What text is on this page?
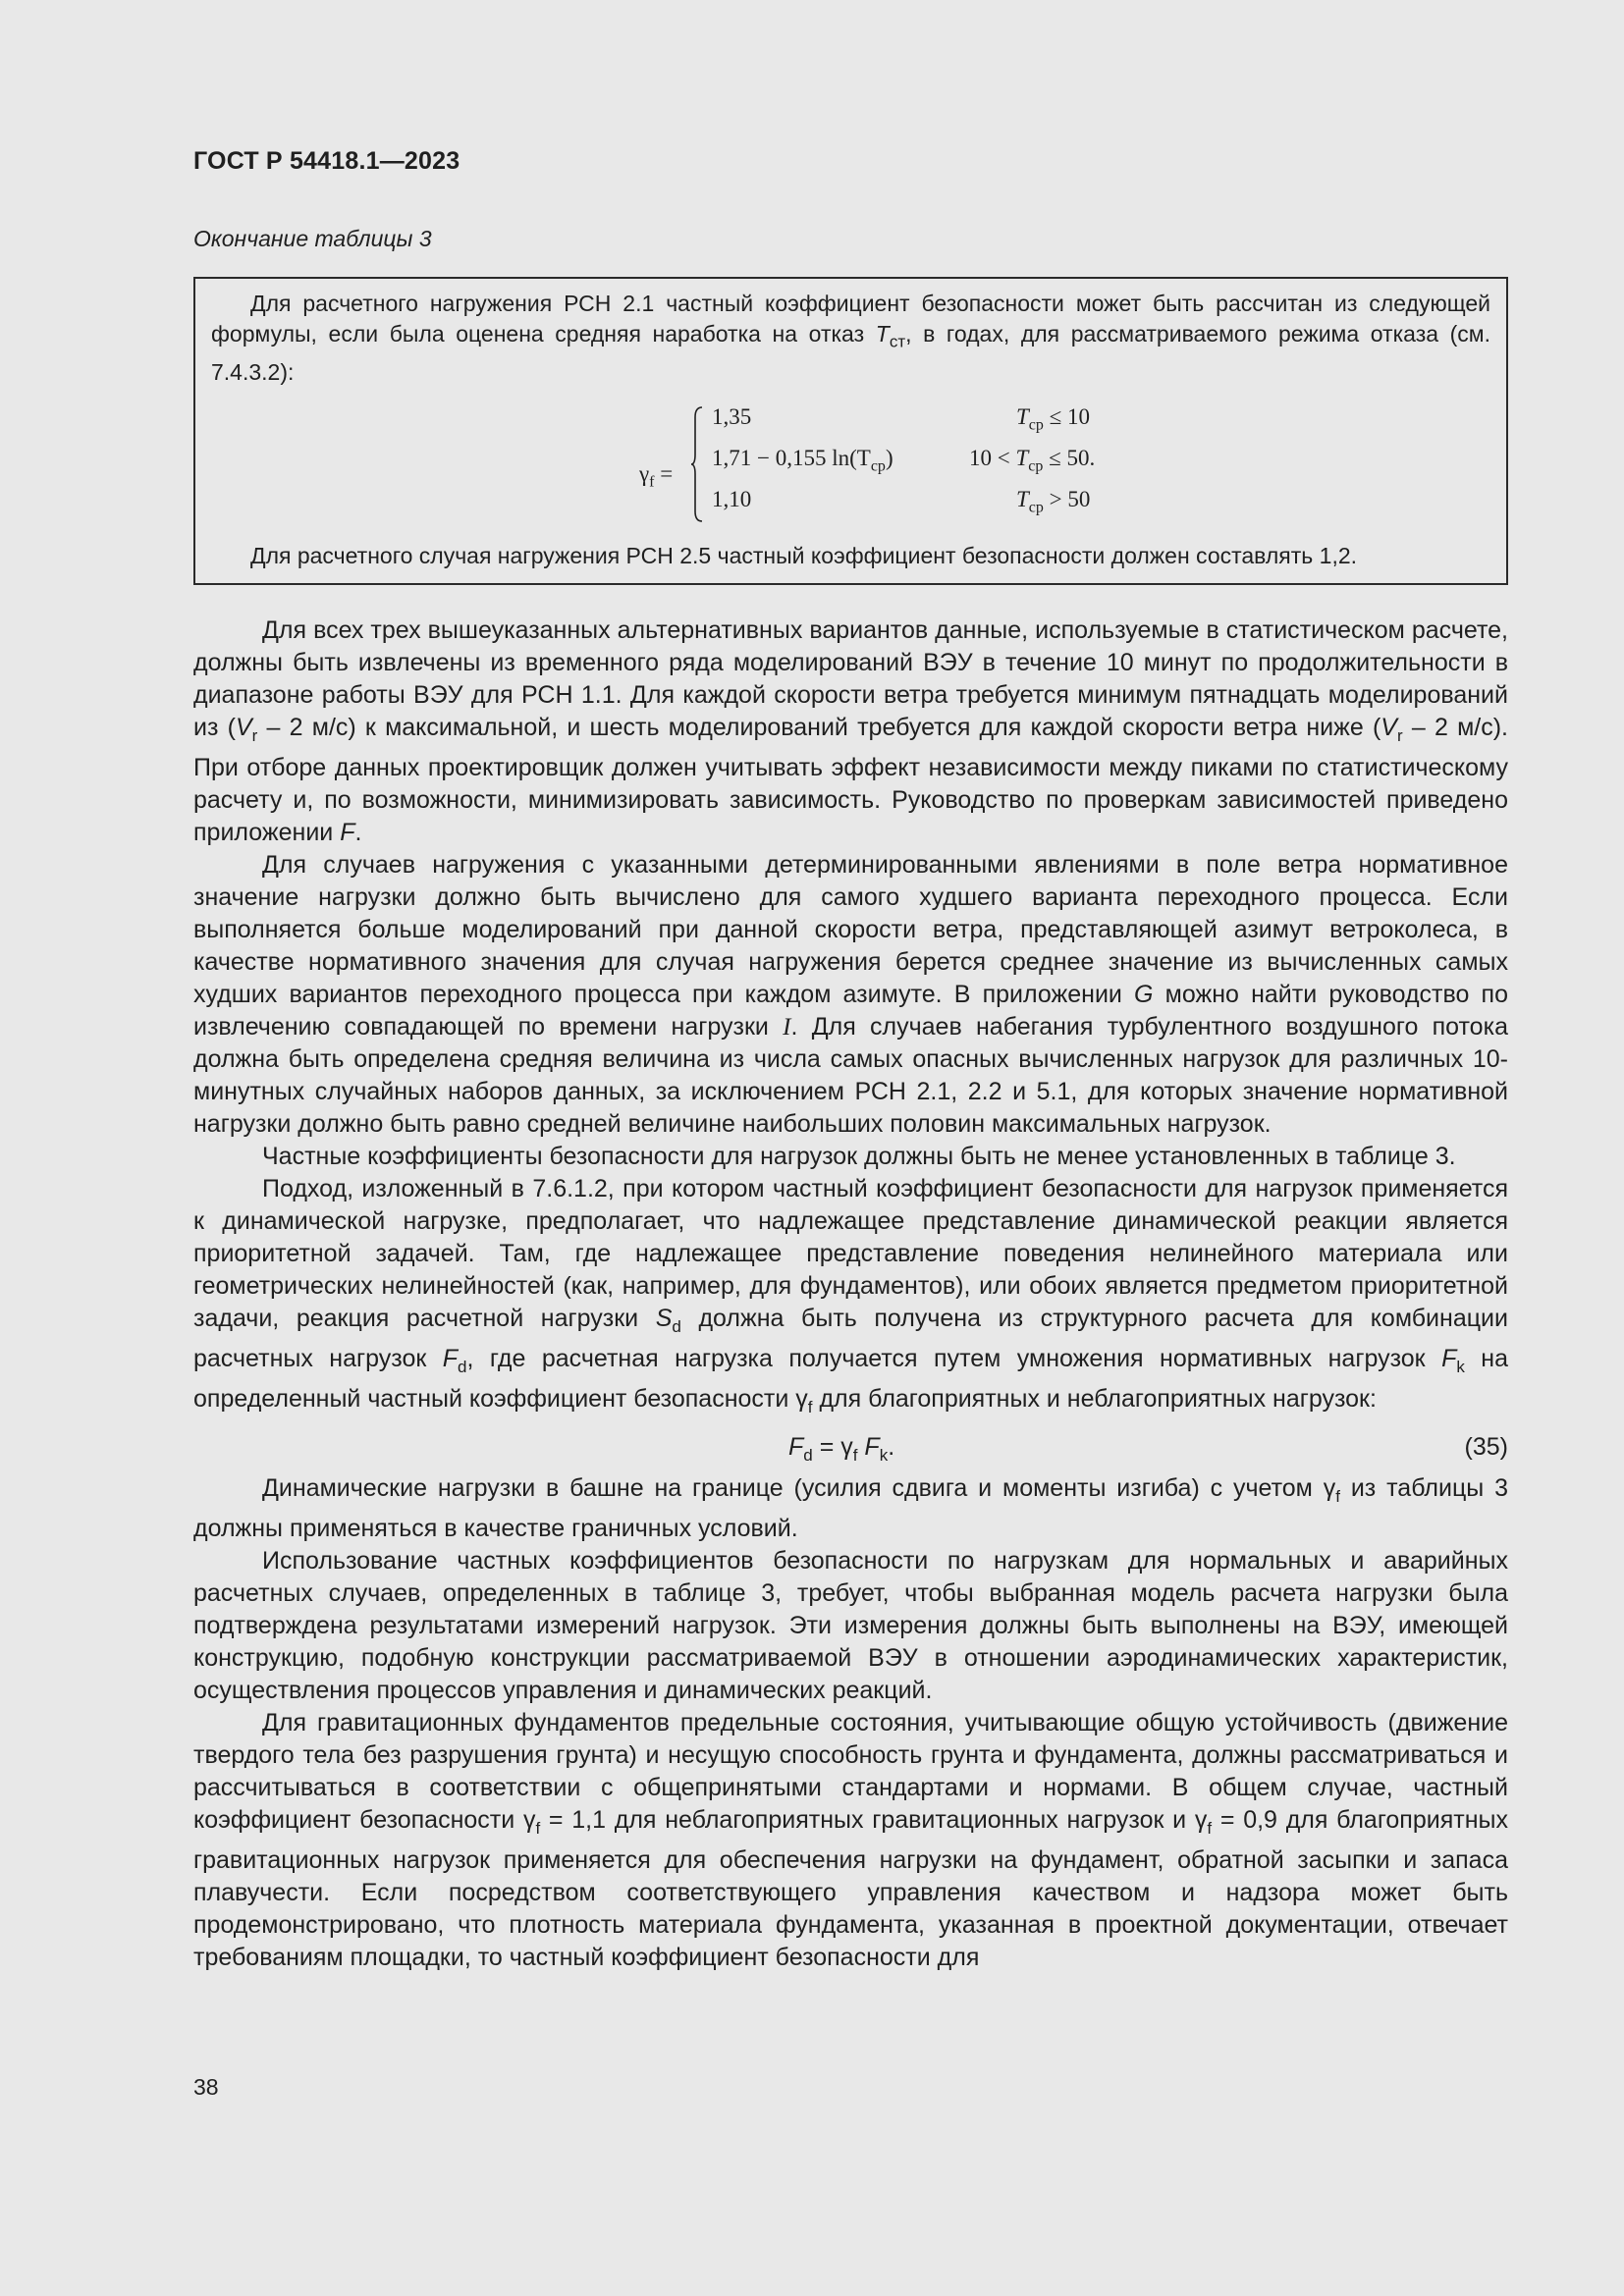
ГОСТ Р 54418.1—2023
Окончание таблицы 3

Для расчетного нагружения РСН 2.1 частный коэффициент безопасности может быть рассчитан из следующей формулы, если была оценена средняя наработка на отказ $T_{ст}$, в годах, для рассматриваемого режима отказа (см. 7.4.3.2):

$\gamma_f$ =
1,35	$T_{ср} \le 10$
1,71 − 0,155 $\ln(T_{ср})$	$10 < T_{ср} \le 50$.
1,10	$T_{ср} > 50$

Для расчетного случая нагружения РСН 2.5 частный коэффициент безопасности должен составлять 1,2.

Для всех трех вышеуказанных альтернативных вариантов данные, используемые в статистическом расчете, должны быть извлечены из временного ряда моделирований ВЭУ в течение 10 минут по продолжительности в диапазоне работы ВЭУ для РСН 1.1. Для каждой скорости ветра требуется минимум пятнадцать моделирований из ($V_r - 2$ м/с) к максимальной, и шесть моделирований требуется для каждой скорости ветра ниже ($V_r - 2$ м/с). При отборе данных проектировщик должен учитывать эффект независимости между пиками по статистическому расчету и, по возможности, минимизировать зависимость. Руководство по проверкам зависимостей приведено приложении F.

Для случаев нагружения с указанными детерминированными явлениями в поле ветра нормативное значение нагрузки должно быть вычислено для самого худшего варианта переходного процесса. Если выполняется больше моделирований при данной скорости ветра, представляющей азимут ветроколеса, в качестве нормативного значения для случая нагружения берется среднее значение из вычисленных самых худших вариантов переходного процесса при каждом азимуте. В приложении G можно найти руководство по извлечению совпадающей по времени нагрузки I. Для случаев набегания турбулентного воздушного потока должна быть определена средняя величина из числа самых опасных вычисленных нагрузок для различных 10-минутных случайных наборов данных, за исключением РСН 2.1, 2.2 и 5.1, для которых значение нормативной нагрузки должно быть равно средней величине наибольших половин максимальных нагрузок.

Частные коэффициенты безопасности для нагрузок должны быть не менее установленных в таблице 3.

Подход, изложенный в 7.6.1.2, при котором частный коэффициент безопасности для нагрузок применяется к динамической нагрузке, предполагает, что надлежащее представление динамической реакции является приоритетной задачей. Там, где надлежащее представление поведения нелинейного материала или геометрических нелинейностей (как, например, для фундаментов), или обоих является предметом приоритетной задачи, реакция расчетной нагрузки $S_d$ должна быть получена из структурного расчета для комбинации расчетных нагрузок $F_d$, где расчетная нагрузка получается путем умножения нормативных нагрузок $F_k$ на определенный частный коэффициент безопасности $\gamma_f$ для благоприятных и неблагоприятных нагрузок:

$F_d = \gamma_f$ $F_k$.	(35)

Динамические нагрузки в башне на границе (усилия сдвига и моменты изгиба) с учетом $\gamma_f$ из таблицы 3 должны применяться в качестве граничных условий.

Использование частных коэффициентов безопасности по нагрузкам для нормальных и аварийных расчетных случаев, определенных в таблице 3, требует, чтобы выбранная модель расчета нагрузки была подтверждена результатами измерений нагрузок. Эти измерения должны быть выполнены на ВЭУ, имеющей конструкцию, подобную конструкции рассматриваемой ВЭУ в отношении аэродинамических характеристик, осуществления процессов управления и динамических реакций.

Для гравитационных фундаментов предельные состояния, учитывающие общую устойчивость (движение твердого тела без разрушения грунта) и несущую способность грунта и фундамента, должны рассматриваться и рассчитываться в соответствии с общепринятыми стандартами и нормами. В общем случае, частный коэффициент безопасности $\gamma_f = 1,1$ для неблагоприятных гравитационных нагрузок и $\gamma_f = 0,9$ для благоприятных гравитационных нагрузок применяется для обеспечения нагрузки на фундамент, обратной засыпки и запаса плавучести. Если посредством соответствующего управления качеством и надзора может быть продемонстрировано, что плотность материала фундамента, указанная в проектной документации, отвечает требованиям площадки, то частный коэффициент безопасности для

38
